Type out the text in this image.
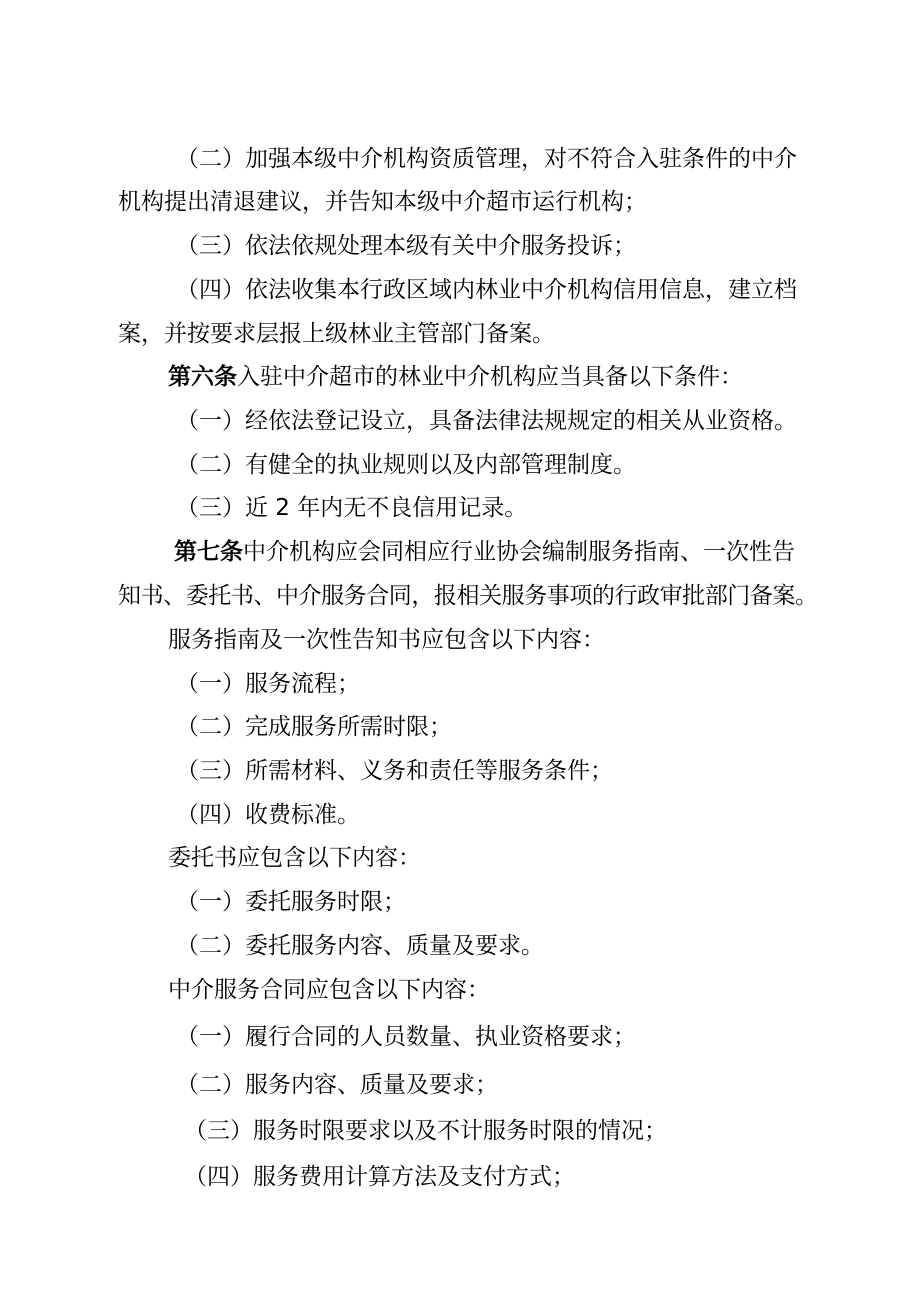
（二）加强本级中介机构资质管理，对不符合入驻条件的中介
机构提出清退建议，并告知本级中介超市运行机构；
（三）依法依规处理本级有关中介服务投诉；
（四）依法收集本行政区域内林业中介机构信用信息，建立档
案，并按要求层报上级林业主管部门备案。
第六条入驻中介超市的林业中介机构应当具备以下条件：
（一）经依法登记设立，具备法律法规规定的相关从业资格。
（二）有健全的执业规则以及内部管理制度。
（三）近 2 年内无不良信用记录。
第七条中介机构应会同相应行业协会编制服务指南、一次性告
知书、委托书、中介服务合同，报相关服务事项的行政审批部门备案。
服务指南及一次性告知书应包含以下内容：
（一）服务流程；
（二）完成服务所需时限；
（三）所需材料、义务和责任等服务条件；
（四）收费标准。
委托书应包含以下内容：
（一）委托服务时限；
（二）委托服务内容、质量及要求。
中介服务合同应包含以下内容：
（一）履行合同的人员数量、执业资格要求；
（二）服务内容、质量及要求；
（三）服务时限要求以及不计服务时限的情况；
（四）服务费用计算方法及支付方式；
